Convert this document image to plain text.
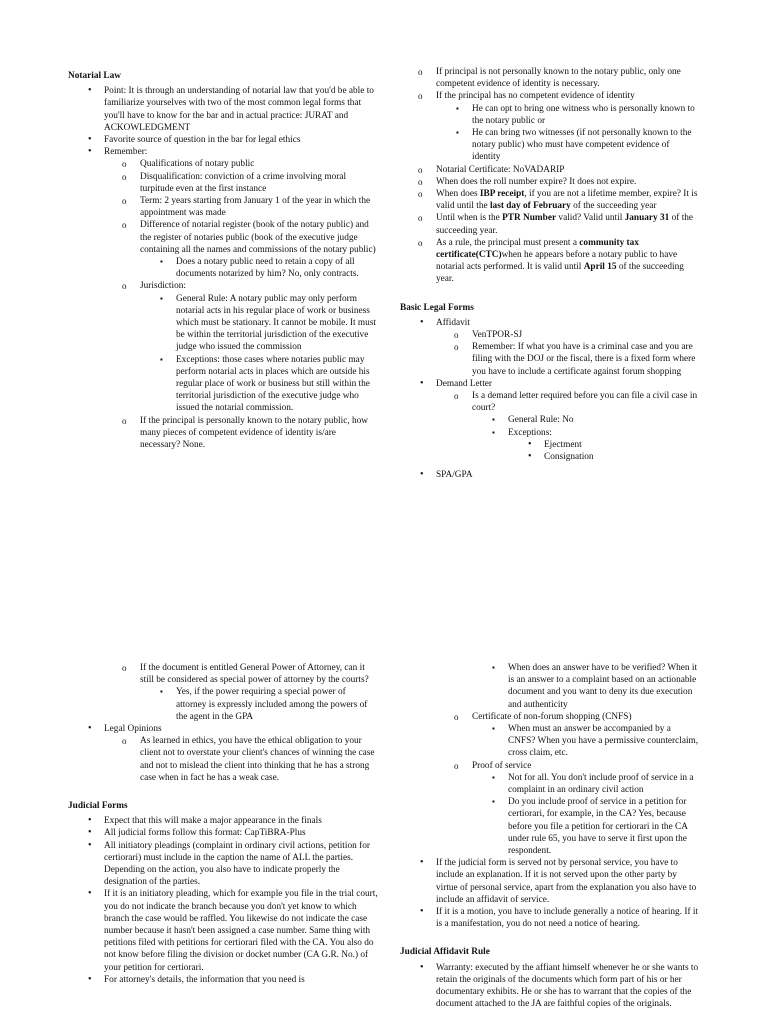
Notarial Law
• Point: It is through an understanding of notarial law that you'd be able to familiarize yourselves with two of the most common legal forms that you'll have to know for the bar and in actual practice: JURAT and ACKOWLEDGMENT
• Favorite source of question in the bar for legal ethics
• Remember:
o Qualifications of notary public
o Disqualification: conviction of a crime involving moral turpitude even at the first instance
o Term: 2 years starting from January 1 of the year in which the appointment was made
o Difference of notarial register (book of the notary public) and the register of notaries public (book of the executive judge containing all the names and commissions of the notary public)
▪ Does a notary public need to retain a copy of all documents notarized by him? No, only contracts.
o Jurisdiction:
▪ General Rule: A notary public may only perform notarial acts in his regular place of work or business which must be stationary. It cannot be mobile. It must be within the territorial jurisdiction of the executive judge who issued the commission
▪ Exceptions: those cases where notaries public may perform notarial acts in places which are outside his regular place of work or business but still within the territorial jurisdiction of the executive judge who issued the notarial commission.
o If the principal is personally known to the notary public, how many pieces of competent evidence of identity is/are necessary? None.
o If principal is not personally known to the notary public, only one competent evidence of identity is necessary.
o If the principal has no competent evidence of identity
▪ He can opt to bring one witness who is personally known to the notary public or
▪ He can bring two witnesses (if not personally known to the notary public) who must have competent evidence of identity
o Notarial Certificate: NoVADARIP
o When does the roll number expire? It does not expire.
o When does IBP receipt, if you are not a lifetime member, expire? It is valid until the last day of February of the succeeding year
o Until when is the PTR Number valid? Valid until January 31 of the succeeding year.
o As a rule, the principal must present a community tax certificate(CTC)when he appears before a notary public to have notarial acts performed. It is valid until April 15 of the succeeding year.
Basic Legal Forms
• Affidavit
o VenTPOR-SJ
o Remember: If what you have is a criminal case and you are filing with the DOJ or the fiscal, there is a fixed form where you have to include a certificate against forum shopping
• Demand Letter
o Is a demand letter required before you can file a civil case in court?
▪ General Rule: No
▪ Exceptions:
• Ejectment
• Consignation
• SPA/GPA
o If the document is entitled General Power of Attorney, can it still be considered as special power of attorney by the courts?
▪ Yes, if the power requiring a special power of attorney is expressly included among the powers of the agent in the GPA
• Legal Opinions
o As learned in ethics, you have the ethical obligation to your client not to overstate your client's chances of winning the case and not to mislead the client into thinking that he has a strong case when in fact he has a weak case.
Judicial Forms
• Expect that this will make a major appearance in the finals
• All judicial forms follow this format: CapTiBRA-Plus
• All initiatory pleadings (complaint in ordinary civil actions, petition for certiorari) must include in the caption the name of ALL the parties. Depending on the action, you also have to indicate properly the designation of the parties.
• If it is an initiatory pleading, which for example you file in the trial court, you do not indicate the branch because you don't yet know to which branch the case would be raffled. You likewise do not indicate the case number because it hasn't been assigned a case number. Same thing with petitions filed with petitions for certiorari filed with the CA. You also do not know before filing the division or docket number (CA G.R. No.) of your petition for certiorari.
• For attorney's details, the information that you need is
▪ When does an answer have to be verified? When it is an answer to a complaint based on an actionable document and you want to deny its due execution and authenticity
o Certificate of non-forum shopping (CNFS)
▪ When must an answer be accompanied by a CNFS? When you have a permissive counterclaim, cross claim, etc.
o Proof of service
▪ Not for all. You don't include proof of service in a complaint in an ordinary civil action
▪ Do you include proof of service in a petition for certiorari, for example, in the CA? Yes, because before you file a petition for certiorari in the CA under rule 65, you have to serve it first upon the respondent.
• If the judicial form is served not by personal service, you have to include an explanation. If it is not served upon the other party by virtue of personal service, apart from the explanation you also have to include an affidavit of service.
• If it is a motion, you have to include generally a notice of hearing. If it is a manifestation, you do not need a notice of hearing.
Judicial Affidavit Rule
• Warranty: executed by the affiant himself whenever he or she wants to retain the originals of the documents which form part of his or her documentary exhibits. He or she has to warrant that the copies of the document attached to the JA are faithful copies of the originals.
